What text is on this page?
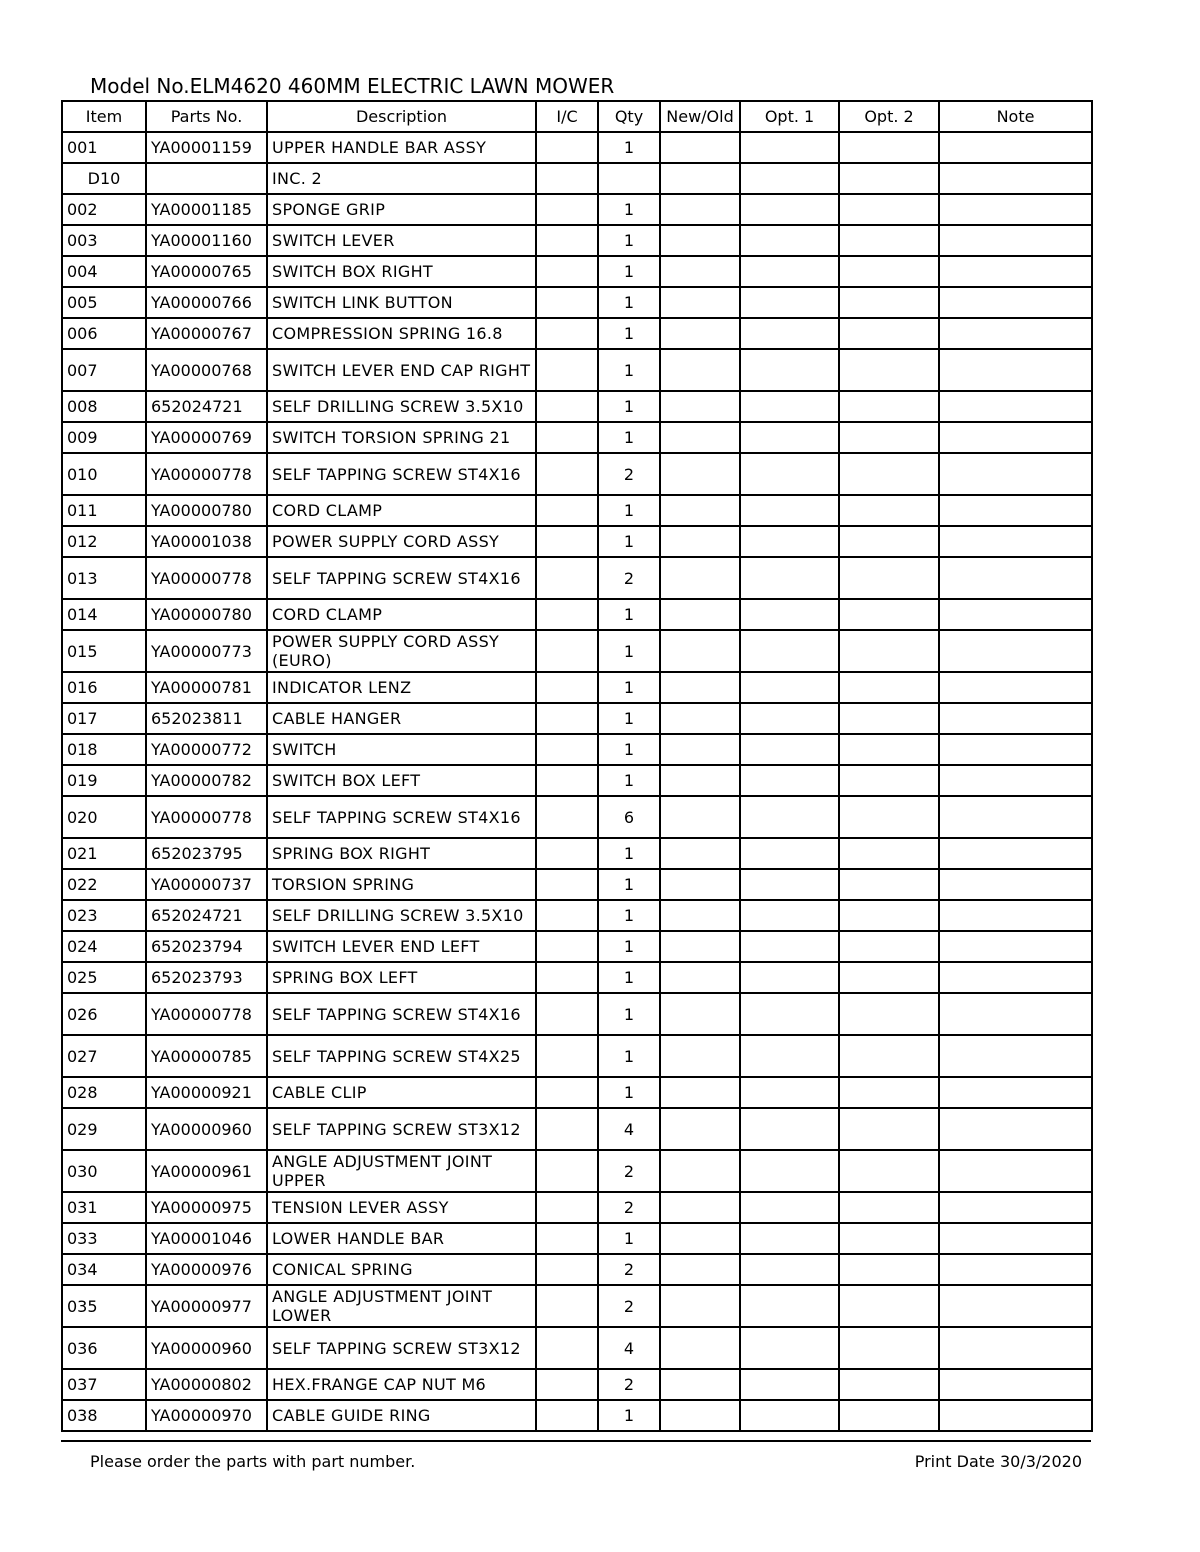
Model No.ELM4620 460MM ELECTRIC LAWN MOWER
Item	Parts No.	Description	I/C	Qty	New/Old	Opt. 1	Opt. 2	Note
001	YA00001159	UPPER HANDLE BAR ASSY		1				
D10		INC. 2						
002	YA00001185	SPONGE GRIP		1				
003	YA00001160	SWITCH LEVER		1				
004	YA00000765	SWITCH BOX RIGHT		1				
005	YA00000766	SWITCH LINK BUTTON		1				
006	YA00000767	COMPRESSION SPRING 16.8		1				
007	YA00000768	SWITCH LEVER END CAP RIGHT		1				
008	652024721	SELF DRILLING SCREW 3.5X10		1				
009	YA00000769	SWITCH TORSION SPRING 21		1				
010	YA00000778	SELF TAPPING SCREW ST4X16		2				
011	YA00000780	CORD CLAMP		1				
012	YA00001038	POWER SUPPLY CORD ASSY		1				
013	YA00000778	SELF TAPPING SCREW ST4X16		2				
014	YA00000780	CORD CLAMP		1				
015	YA00000773	POWER SUPPLY CORD ASSY (EURO)		1				
016	YA00000781	INDICATOR LENZ		1				
017	652023811	CABLE HANGER		1				
018	YA00000772	SWITCH		1				
019	YA00000782	SWITCH BOX LEFT		1				
020	YA00000778	SELF TAPPING SCREW ST4X16		6				
021	652023795	SPRING BOX RIGHT		1				
022	YA00000737	TORSION SPRING		1				
023	652024721	SELF DRILLING SCREW 3.5X10		1				
024	652023794	SWITCH LEVER END LEFT		1				
025	652023793	SPRING BOX LEFT		1				
026	YA00000778	SELF TAPPING SCREW ST4X16		1				
027	YA00000785	SELF TAPPING SCREW ST4X25		1				
028	YA00000921	CABLE CLIP		1				
029	YA00000960	SELF TAPPING SCREW ST3X12		4				
030	YA00000961	ANGLE ADJUSTMENT JOINT UPPER		2				
031	YA00000975	TENSI0N LEVER ASSY		2				
033	YA00001046	LOWER HANDLE BAR		1				
034	YA00000976	CONICAL SPRING		2				
035	YA00000977	ANGLE ADJUSTMENT JOINT LOWER		2				
036	YA00000960	SELF TAPPING SCREW ST3X12		4				
037	YA00000802	HEX.FRANGE CAP NUT M6		2				
038	YA00000970	CABLE GUIDE RING		1				
Please order the parts with part number.	Print Date 30/3/2020
